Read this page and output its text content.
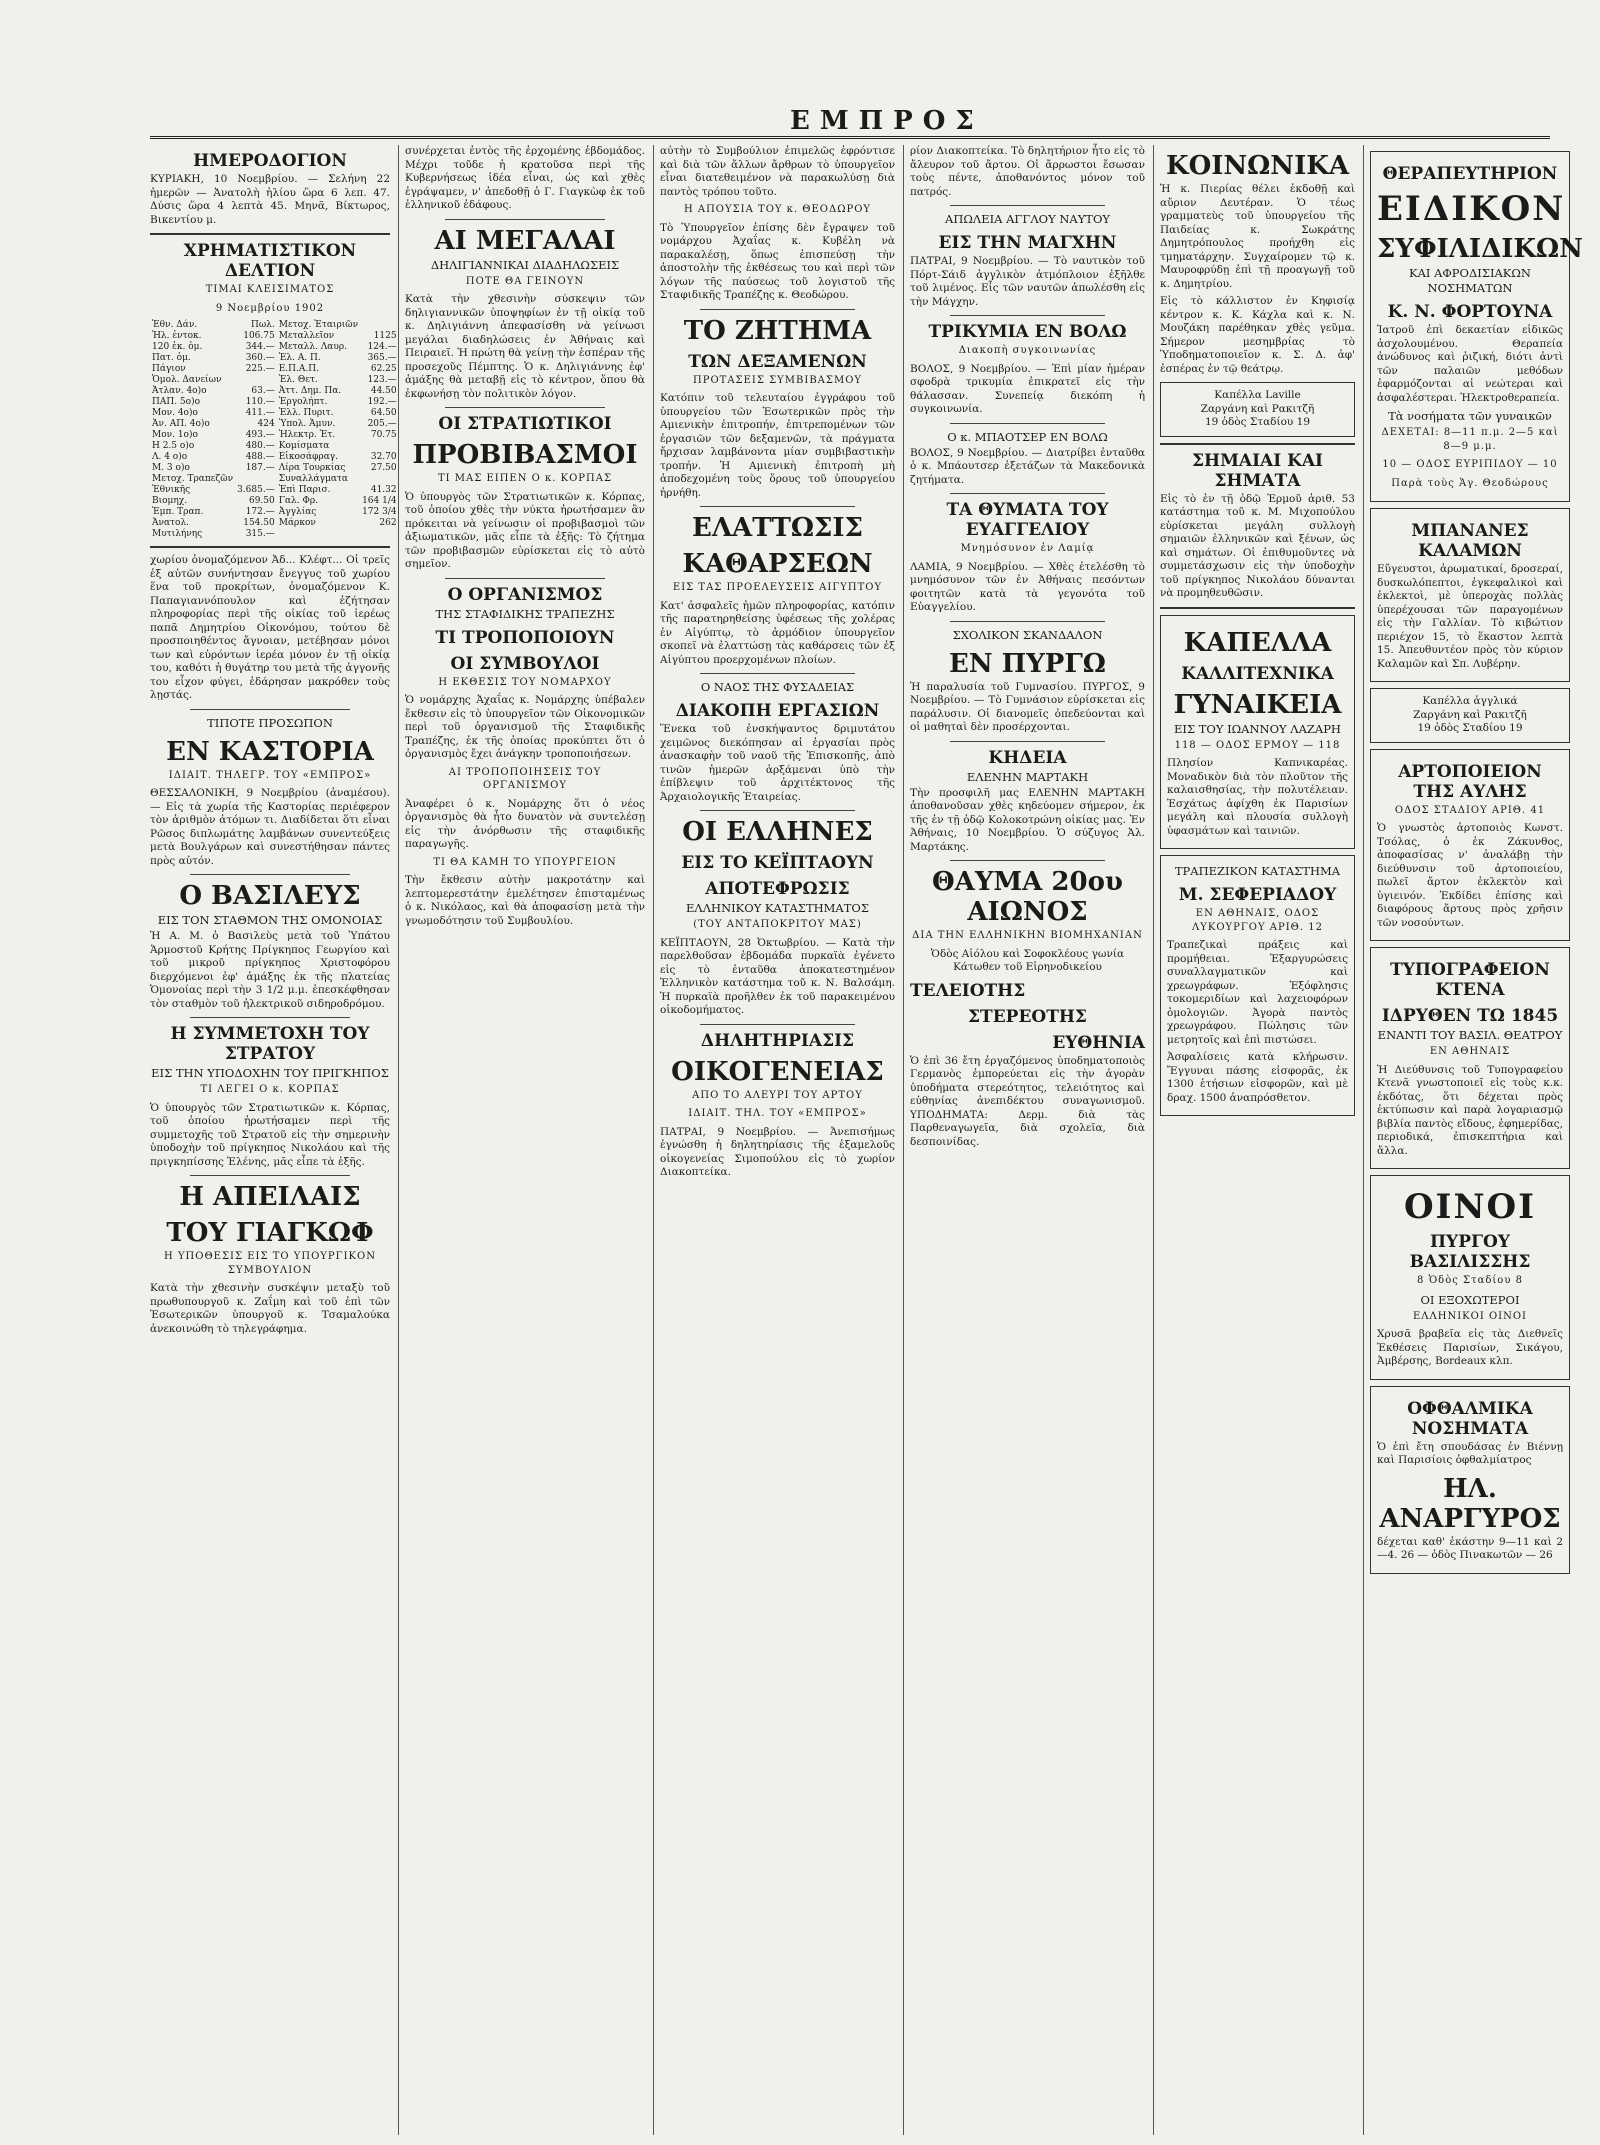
ΕΜΠΡΟΣ
ΗΜΕΡΟΔΟΓΙΟΝ

ΚΥΡΙΑΚΗ, 10 Νοεμβρίου. — Σελήνη 22 ἡμερῶν — Ἀνατολὴ ἡλίου ὥρα 6 λεπ. 47. Δύσις ὥρα 4 λεπτὰ 45. Μηνᾶ, Βίκτωρος, Βικεντίου μ.

ΧΡΗΜΑΤΙΣΤΙΚΟΝ ΔΕΛΤΙΟΝ
ΤΙΜΑΙ ΚΛΕΙΣΙΜΑΤΟΣ
9 Νοεμβρίου 1902
Ἐθν. Δάν.	Πωλ.	Μετοχ. Ἐταιριῶν	
Ἡλ. ἐντοκ.	106.75	Μεταλλεῖον	1125
120 ἐκ. ὁμ.	344.—	Μεταλλ. Λαυρ.	124.—
Πατ. ὁμ.	360.—	Ἐλ. Α. Π.	365.—
Πάγιον	225.—	Ε.Π.Α.Π.	62.25
Ὁμολ. Δανείων		Ἐλ. Θετ.	123.—
Ἀτλαν. 4ο)ο	63.—	Ἀττ. Δημ. Πα.	44.50
ΠΑΠ. 5ο)ο	110.—	Ἐργολήπτ.	192.—
Μον. 4ο)ο	411.—	Ἐλλ. Πυριτ.	64.50
Ἀν. ΑΠ. 4ο)ο	424	Ὑπολ. Ἀμυν.	205.—
Μον. 1ο)ο	493.—	Ἡλεκτρ. Ἐτ.	70.75
Η 2.5 ο)ο	480.—	Κομίσματα	
Λ. 4 ο)ο	488.—	Εἰκοσάφραγ.	32.70
Μ. 3 ο)ο	187.—	Λίρα Τουρκίας	27.50
Μετοχ. Τραπεζῶν		Συναλλάγματα	
Ἐθνικῆς	3.685.—	Ἐπὶ Παρισ.	41.32
Βιομηχ.	69.50	Γαλ. Φρ.	164 1/4
Ἐμπ. Τραπ.	172.—	Ἀγγλίας	172 3/4
Ἀνατολ.	154.50	Μάρκον	262
Μυτιλήνης	315.—		

χωρίου ὀνομαζόμενον Ἀδ... Κλέφτ... Οἱ τρεῖς ἐξ αὐτῶν συνήντησαν ἔνεγγυς τοῦ χωρίου ἕνα τοῦ προκρίτων, ὀνομαζόμενον Κ. Παπαγιαννόπουλον καὶ ἐζήτησαν πληροφορίας περὶ τῆς οἰκίας τοῦ ἱερέως παπᾶ Δημητρίου Οἰκονόμου, τούτου δὲ προσποιηθέντος ἄγνοιαν, μετέβησαν μόνοι των καὶ εὑρόντων ἱερέα μόνον ἐν τῇ οἰκίᾳ του, καθότι ἡ θυγάτηρ του μετὰ τῆς ἀγγονῆς του εἶχον φύγει, ἐδάρησαν μακρόθεν τοὺς λῃστάς.

ΤΙΠΟΤΕ ΠΡΟΣΩΠΟΝ
ΕΝ ΚΑΣΤΟΡΙΑ
ΙΔΙΑΙΤ. ΤΗΛΕΓΡ. ΤΟΥ «ΕΜΠΡΟΣ»

ΘΕΣΣΑΛΟΝΙΚΗ, 9 Νοεμβρίου (ἀναμέσου). — Εἰς τὰ χωρία τῆς Καστορίας περιέφερον τὸν ἀριθμὸν ἀτόμων τι. Διαδίδεται ὅτι εἶναι Ρῶσος διπλωμάτης λαμβάνων συνεντεύξεις μετὰ Βουλγάρων καὶ συνεστήθησαν πάντες πρὸς αὐτόν.

Ο ΒΑΣΙΛΕΥΣ
ΕΙΣ ΤΟΝ ΣΤΑΘΜΟΝ ΤΗΣ ΟΜΟΝΟΙΑΣ

Ἡ Α. Μ. ὁ Βασιλεὺς μετὰ τοῦ Ὑπάτου Ἁρμοστοῦ Κρήτης Πρίγκηπος Γεωργίου καὶ τοῦ μικροῦ πρίγκηπος Χριστοφόρου διερχόμενοι ἐφ' ἁμάξης ἐκ τῆς πλατείας Ὁμονοίας περὶ τὴν 3 1/2 μ.μ. ἐπεσκέφθησαν τὸν σταθμὸν τοῦ ἠλεκτρικοῦ σιδηροδρόμου.

Η ΣΥΜΜΕΤΟΧΗ ΤΟΥ ΣΤΡΑΤΟΥ
ΕΙΣ ΤΗΝ ΥΠΟΔΟΧΗΝ ΤΟΥ ΠΡΙΓΚΗΠΟΣ
ΤΙ ΛΕΓΕΙ Ο κ. ΚΟΡΠΑΣ

Ὁ ὑπουργὸς τῶν Στρατιωτικῶν κ. Κόρπας, τοῦ ὁποίου ἠρωτήσαμεν περὶ τῆς συμμετοχῆς τοῦ Στρατοῦ εἰς τὴν σημερινὴν ὑποδοχὴν τοῦ πρίγκηπος Νικολάου καὶ τῆς πριγκηπίσσης Ἑλένης, μᾶς εἶπε τὰ ἑξῆς.

Η ΑΠΕΙΛΑΙΣ
ΤΟΥ ΓΙΑΓΚΩΦ
Η ΥΠΟΘΕΣΙΣ ΕΙΣ ΤΟ ΥΠΟΥΡΓΙΚΟΝ ΣΥΜΒΟΥΛΙΟΝ

Κατὰ τὴν χθεσινὴν συσκέψιν μεταξὺ τοῦ πρωθυπουργοῦ κ. Ζαΐμη καὶ τοῦ ἐπὶ τῶν Ἐσωτερικῶν ὑπουργοῦ κ. Τσαμαλούκα ἀνεκοινώθη τὸ τηλεγράφημα.

συνέρχεται ἐντὸς τῆς ἐρχομένης ἑβδομάδος. Μέχρι τοῦδε ἡ κρατοῦσα περὶ τῆς Κυβερνήσεως ἰδέα εἶναι, ὡς καὶ χθὲς ἐγράψαμεν, ν' ἀπεδοθῇ ὁ Γ. Γιαγκὼφ ἐκ τοῦ ἑλληνικοῦ ἐδάφους.

ΑΙ ΜΕΓΑΛΑΙ
ΔΗΛΙΓΙΑΝΝΙΚΑΙ ΔΙΑΔΗΛΩΣΕΙΣ
ΠΟΤΕ ΘΑ ΓΕΙΝΟΥΝ

Κατὰ τὴν χθεσινὴν σύσκεψιν τῶν δηλιγιαννικῶν ὑποψηφίων ἐν τῇ οἰκίᾳ τοῦ κ. Δηλιγιάννη ἀπεφασίσθη νὰ γείνωσι μεγάλαι διαδηλώσεις ἐν Ἀθήναις καὶ Πειραιεῖ. Ἡ πρώτη θὰ γείνῃ τὴν ἑσπέραν τῆς προσεχοῦς Πέμπτης. Ὁ κ. Δηλιγιάννης ἐφ' ἁμάξης θὰ μεταβῇ εἰς τὸ κέντρον, ὅπου θὰ ἐκφωνήσῃ τὸν πολιτικὸν λόγον.

ΟΙ ΣΤΡΑΤΙΩΤΙΚΟΙ
ΠΡΟΒΙΒΑΣΜΟΙ
ΤΙ ΜΑΣ ΕΙΠΕΝ Ο κ. ΚΟΡΠΑΣ

Ὁ ὑπουργὸς τῶν Στρατιωτικῶν κ. Κόρπας, τοῦ ὁποίου χθὲς τὴν νύκτα ἠρωτήσαμεν ἂν πρόκειται νὰ γείνωσιν οἱ προβιβασμοὶ τῶν ἀξιωματικῶν, μᾶς εἶπε τὰ ἑξῆς: Τὸ ζήτημα τῶν προβιβασμῶν εὑρίσκεται εἰς τὸ αὐτὸ σημεῖον.

Ο ΟΡΓΑΝΙΣΜΟΣ
ΤΗΣ ΣΤΑΦΙΔΙΚΗΣ ΤΡΑΠΕΖΗΣ
ΤΙ ΤΡΟΠΟΠΟΙΟΥΝ
ΟΙ ΣΥΜΒΟΥΛΟΙ
Η ΕΚΘΕΣΙΣ ΤΟΥ ΝΟΜΑΡΧΟΥ

Ὁ νομάρχης Ἀχαΐας κ. Νομάρχης ὑπέβαλεν ἔκθεσιν εἰς τὸ ὑπουργεῖον τῶν Οἰκονομικῶν περὶ τοῦ ὀργανισμοῦ τῆς Σταφιδικῆς Τραπέζης, ἐκ τῆς ὁποίας προκύπτει ὅτι ὁ ὀργανισμὸς ἔχει ἀνάγκην τροποποιήσεων.

ΑΙ ΤΡΟΠΟΠΟΙΗΣΕΙΣ ΤΟΥ ΟΡΓΑΝΙΣΜΟΥ

Ἀναφέρει ὁ κ. Νομάρχης ὅτι ὁ νέος ὀργανισμὸς θὰ ἦτο δυνατὸν νὰ συντελέσῃ εἰς τὴν ἀνόρθωσιν τῆς σταφιδικῆς παραγωγῆς.

ΤΙ ΘΑ ΚΑΜΗ ΤΟ ΥΠΟΥΡΓΕΙΟΝ

Τὴν ἔκθεσιν αὐτὴν μακροτάτην καὶ λεπτομερεστάτην ἐμελέτησεν ἐπισταμένως ὁ κ. Νικόλαος, καὶ θὰ ἀποφασίσῃ μετὰ τὴν γνωμοδότησιν τοῦ Συμβουλίου.

αὐτὴν τὸ Συμβούλιον ἐπιμελῶς ἐφρόντισε καὶ διὰ τῶν ἄλλων ἄρθρων τὸ ὑπουργεῖον εἶναι διατεθειμένον νὰ παρακωλύσῃ διὰ παντὸς τρόπου τοῦτο.

Η ΑΠΟΥΣΙΑ ΤΟΥ κ. ΘΕΟΔΩΡΟΥ

Τὸ Ὑπουργεῖον ἐπίσης δὲν ἔγραψεν τοῦ νομάρχου Ἀχαΐας κ. Κυβέλη νὰ παρακαλέσῃ, ὅπως ἐπισπεύσῃ τὴν ἀποστολὴν τῆς ἐκθέσεως του καὶ περὶ τῶν λόγων τῆς παύσεως τοῦ λογιστοῦ τῆς Σταφιδικῆς Τραπέζης κ. Θεοδώρου.

ΤΟ ΖΗΤΗΜΑ
ΤΩΝ ΔΕΞΑΜΕΝΩΝ
ΠΡΟΤΑΣΕΙΣ ΣΥΜΒΙΒΑΣΜΟΥ

Κατόπιν τοῦ τελευταίου ἐγγράφου τοῦ ὑπουργείου τῶν Ἐσωτερικῶν πρὸς τὴν Αμιενικὴν ἐπιτροπήν, ἐπιτρεπομένων τῶν ἐργασιῶν τῶν δεξαμενῶν, τὰ πράγματα ἤρχισαν λαμβάνοντα μίαν συμβιβαστικὴν τροπήν. Ἡ Αμιενικὴ ἐπιτροπὴ μὴ ἀποδεχομένη τοὺς ὅρους τοῦ ὑπουργείου ἠρνήθη.

ΕΛΑΤΤΩΣΙΣ
ΚΑΘΑΡΣΕΩΝ
ΕΙΣ ΤΑΣ ΠΡΟΕΛΕΥΣΕΙΣ ΑΙΓΥΠΤΟΥ

Κατ' ἀσφαλεῖς ἡμῶν πληροφορίας, κατόπιν τῆς παρατηρηθείσης ὑφέσεως τῆς χολέρας ἐν Αἰγύπτῳ, τὸ ἁρμόδιον ὑπουργεῖον σκοπεῖ νὰ ἐλαττώσῃ τὰς καθάρσεις τῶν ἐξ Αἰγύπτου προερχομένων πλοίων.

Ο ΝΑΟΣ ΤΗΣ ΦΥΣΑΔΕΙΑΣ
ΔΙΑΚΟΠΗ ΕΡΓΑΣΙΩΝ

Ἕνεκα τοῦ ἐνσκήψαντος δριμυτάτου χειμῶνος διεκόπησαν αἱ ἐργασίαι πρὸς ἀνασκαφὴν τοῦ ναοῦ τῆς Ἐπισκοπῆς, ἀπὸ τινῶν ἡμερῶν ἀρξάμεναι ὑπὸ τὴν ἐπίβλεψιν τοῦ ἀρχιτέκτονος τῆς Ἀρχαιολογικῆς Ἑταιρείας.

ΟΙ ΕΛΛΗΝΕΣ
ΕΙΣ ΤΟ ΚΕΪΠΤΑΟΥΝ
ΑΠΟΤΕΦΡΩΣΙΣ
ΕΛΛΗΝΙΚΟΥ ΚΑΤΑΣΤΗΜΑΤΟΣ
(ΤΟΥ ΑΝΤΑΠΟΚΡΙΤΟΥ ΜΑΣ)

ΚΕΪΠΤΑΟΥΝ, 28 Ὀκτωβρίου. — Κατὰ τὴν παρελθοῦσαν ἑβδομάδα πυρκαϊὰ ἐγένετο εἰς τὸ ἐνταῦθα ἀποκατεστημένον Ἑλληνικὸν κατάστημα τοῦ κ. Ν. Βαλσάμη. Ἡ πυρκαϊὰ προῆλθεν ἐκ τοῦ παρακειμένου οἰκοδομήματος.

ΔΗΛΗΤΗΡΙΑΣΙΣ
ΟΙΚΟΓΕΝΕΙΑΣ
ΑΠΟ ΤΟ ΑΛΕΥΡΙ ΤΟΥ ΑΡΤΟΥ
ΙΔΙΑΙΤ. ΤΗΛ. ΤΟΥ «ΕΜΠΡΟΣ»

ΠΑΤΡΑΙ, 9 Νοεμβρίου. — Ἀνεπισήμως ἐγνώσθη ἡ δηλητηρίασις τῆς ἑξαμελοῦς οἰκογενείας Σιμοπούλου εἰς τὸ χωρίον Διακοπτείκα.

ρίον Διακοπτείκα. Τὸ δηλητήριον ἦτο εἰς τὸ ἄλευρον τοῦ ἄρτου. Οἱ ἄρρωστοι ἔσωσαν τοὺς πέντε, ἀποθανόντος μόνον τοῦ πατρός.

ΑΠΩΛΕΙΑ ΑΓΓΛΟΥ ΝΑΥΤΟΥ
ΕΙΣ ΤΗΝ ΜΑΓΧΗΝ

ΠΑΤΡΑΙ, 9 Νοεμβρίου. — Τὸ ναυτικὸν τοῦ Πόρτ-Σάιδ ἀγγλικὸν ἀτμόπλοιον ἐξῆλθε τοῦ λιμένος. Εἷς τῶν ναυτῶν ἀπωλέσθη εἰς τὴν Μάγχην.

ΤΡΙΚΥΜΙΑ ΕΝ ΒΟΛΩ
Διακοπὴ συγκοινωνίας

ΒΟΛΟΣ, 9 Νοεμβρίου. — Ἐπὶ μίαν ἡμέραν σφοδρὰ τρικυμία ἐπικρατεῖ εἰς τὴν θάλασσαν. Συνεπείᾳ διεκόπη ἡ συγκοινωνία.

Ο κ. ΜΠΑΟΤΣΕΡ ΕΝ ΒΟΛΩ

ΒΟΛΟΣ, 9 Νοεμβρίου. — Διατρίβει ἐνταῦθα ὁ κ. Μπάουτσερ ἐξετάζων τὰ Μακεδονικὰ ζητήματα.

ΤΑ ΘΥΜΑΤΑ ΤΟΥ ΕΥΑΓΓΕΛΙΟΥ
Μνημόσυνον ἐν Λαμίᾳ

ΛΑΜΙΑ, 9 Νοεμβρίου. — Χθὲς ἐτελέσθη τὸ μνημόσυνον τῶν ἐν Ἀθήναις πεσόντων φοιτητῶν κατὰ τὰ γεγονότα τοῦ Εὐαγγελίου.

ΣΧΟΛΙΚΟΝ ΣΚΑΝΔΑΛΟΝ
ΕΝ ΠΥΡΓΩ

Ἡ παραλυσία τοῦ Γυμνασίου. ΠΥΡΓΟΣ, 9 Νοεμβρίου. — Τὸ Γυμνάσιον εὑρίσκεται εἰς παράλυσιν. Οἱ διανομεῖς ὀπεδεύονται καὶ οἱ μαθηταὶ δὲν προσέρχονται.

ΚΗΔΕΙΑ
ΕΛΕΝΗΝ ΜΑΡΤΑΚΗ

Τὴν προσφιλῆ μας ΕΛΕΝΗΝ ΜΑΡΤΑΚΗ ἀποθανοῦσαν χθὲς κηδεύομεν σήμερον, ἐκ τῆς ἐν τῇ ὁδῷ Κολοκοτρώνη οἰκίας μας. Ἐν Ἀθήναις, 10 Νοεμβρίου. Ὁ σύζυγος Ἀλ. Μαρτάκης.

ΘΑΥΜΑ 20ου ΑΙΩΝΟΣ
ΔΙΑ ΤΗΝ ΕΛΛΗΝΙΚΗΝ ΒΙΟΜΗΧΑΝΙΑΝ

Ὁδὸς Αἰόλου καὶ Σοφοκλέους γωνία Κάτωθεν τοῦ Εἰρηνοδικείου

ΤΕΛΕΙΟΤΗΣ
ΣΤΕΡΕΟΤΗΣ
ΕΥΘΗΝΙΑ

Ὁ ἐπὶ 36 ἔτη ἐργαζόμενος ὑποδηματοποιὸς Γερμανὸς ἐμπορεύεται εἰς τὴν ἀγορὰν ὑποδήματα στερεότητος, τελειότητος καὶ εὐθηνίας ἀνεπιδέκτου συναγωνισμοῦ. ΥΠΟΔΗΜΑΤΑ: Δερμ. διὰ τὰς Παρθεναγωγεῖα, διὰ σχολεῖα, διὰ δεσποινίδας.

ΚΟΙΝΩΝΙΚΑ

Ἡ κ. Πιερίας θέλει ἐκδοθῇ καὶ αὔριον Δευτέραν. Ὁ τέως γραμματεὺς τοῦ ὑπουργείου τῆς Παιδείας κ. Σωκράτης Δημητρόπουλος προήχθη εἰς τμηματάρχην. Συγχαίρομεν τῷ κ. Μαυροφρύδῃ ἐπὶ τῇ προαγωγῇ τοῦ κ. Δημητρίου.

Εἰς τὸ κάλλιστον ἐν Κηφισίᾳ κέντρον κ. Κ. Κάχλα καὶ κ. Ν. Μουζάκη παρέθηκαν χθὲς γεῦμα. Σήμερον μεσημβρίας τὸ Ὑποδηματοποιεῖον κ. Σ. Δ. ἀφ' ἐσπέρας ἐν τῷ θεάτρῳ.

Καπέλλα Laville
Ζαργάνη καὶ Ρακιτζῆ
19 ὁδὸς Σταδίου 19
ΣΗΜΑΙΑΙ ΚΑΙ ΣΗΜΑΤΑ

Εἰς τὸ ἐν τῇ ὁδῷ Ἑρμοῦ ἀριθ. 53 κατάστημα τοῦ κ. Μ. Μιχοπούλου εὑρίσκεται μεγάλη συλλογὴ σημαιῶν ἑλληνικῶν καὶ ξένων, ὡς καὶ σημάτων. Οἱ ἐπιθυμοῦντες νὰ συμμετάσχωσιν εἰς τὴν ὑποδοχὴν τοῦ πρίγκηπος Νικολάου δύνανται νὰ προμηθευθῶσιν.

ΚΑΠΕΛΛΑ
ΚΑΛΛΙΤΕΧΝΙΚΑ
ΓΥΝΑΙΚΕΙΑ
ΕΙΣ ΤΟΥ ΙΩΑΝΝΟΥ ΛΑΖΑΡΗ
118 — ΟΔΟΣ ΕΡΜΟΥ — 118

Πλησίον Καπνικαρέας. Μοναδικὸν διὰ τὸν πλοῦτον τῆς καλαισθησίας, τὴν πολυτέλειαν. Ἐσχάτως ἀφίχθη ἐκ Παρισίων μεγάλη καὶ πλουσία συλλογὴ ὑφασμάτων καὶ ταινιῶν.

ΤΡΑΠΕΖΙΚΟΝ ΚΑΤΑΣΤΗΜΑ
Μ. ΣΕΦΕΡΙΑΔΟΥ
ΕΝ ΑΘΗΝΑΙΣ, ΟΔΟΣ ΛΥΚΟΥΡΓΟΥ ΑΡΙΘ. 12

Τραπεζικαὶ πράξεις καὶ προμήθειαι. Ἐξαργυρώσεις συναλλαγματικῶν καὶ χρεωγράφων. Ἐξόφλησις τοκομεριδίων καὶ λαχειοφόρων ὁμολογιῶν. Ἀγορὰ παντὸς χρεωγράφου. Πώλησις τῶν μετρητοῖς καὶ ἐπὶ πιστώσει.

Ἀσφαλίσεις κατὰ κλήρωσιν. Ἔγγυναι πάσης εἰσφορᾶς, ἐκ 1300 ἑτήσιων εἰσφορῶν, καὶ μὲ δραχ. 1500 ἀναπρόσθετον.

ΘΕΡΑΠΕΥΤΗΡΙΟΝ
ΕΙΔΙΚΟΝ
ΣΥΦΙΛΙΔΙΚΩΝ
ΚΑΙ ΑΦΡΟΔΙΣΙΑΚΩΝ ΝΟΣΗΜΑΤΩΝ
Κ. Ν. ΦΟΡΤΟΥΝΑ

Ἰατροῦ ἐπὶ δεκαετίαν εἰδικῶς ἀσχολουμένου. Θεραπεία ἀνώδυνος καὶ ῥιζική, διότι ἀντὶ τῶν παλαιῶν μεθόδων ἐφαρμόζονται αἱ νεώτεραι καὶ ἀσφαλέστεραι. Ἠλεκτροθεραπεία.

Τὰ νοσήματα τῶν γυναικῶν
ΔΕΧΕΤΑΙ: 8—11 π.μ. 2—5 καὶ 8—9 μ.μ.
10 — ΟΔΟΣ ΕΥΡΙΠΙΔΟΥ — 10
Παρὰ τοὺς Ἁγ. Θεοδώρους
ΜΠΑΝΑΝΕΣ ΚΑΛΑΜΩΝ

Εὔγευστοι, ἀρωματικαί, δροσεραί, δυσκωλόπεπτοι, ἐγκεφαλικοὶ καὶ ἐκλεκτοὶ, μὲ ὑπεροχὰς πολλὰς ὑπερέχουσαι τῶν παραγομένων εἰς τὴν Γαλλίαν. Τὸ κιβώτιον περιέχον 15, τὸ ἕκαστον λεπτὰ 15. Ἀπευθυντέον πρὸς τὸν κύριον Καλαμῶν καὶ Σπ. Λυβέρην.

Καπέλλα ἀγγλικά
Ζαργάνη καὶ Ρακιτζῆ
19 ὁδὸς Σταδίου 19
ΑΡΤΟΠΟΙΕΙΟΝ ΤΗΣ ΑΥΛΗΣ
ΟΔΟΣ ΣΤΑΔΙΟΥ ΑΡΙΘ. 41

Ὁ γνωστὸς ἀρτοποιὸς Κωνστ. Τσόλας, ὁ ἐκ Ζάκυνθος, ἀποφασίσας ν' ἀναλάβῃ τὴν διεύθυνσιν τοῦ ἀρτοποιείου, πωλεῖ ἄρτον ἐκλεκτὸν καὶ ὑγιεινόν. Ἐκδίδει ἐπίσης καὶ διαφόρους ἄρτους πρὸς χρῆσιν τῶν νοσούντων.

ΤΥΠΟΓΡΑΦΕΙΟΝ ΚΤΕΝΑ
ΙΔΡΥΘΕΝ ΤΩ 1845
ΕΝΑΝΤΙ ΤΟΥ ΒΑΣΙΛ. ΘΕΑΤΡΟΥ
ΕΝ ΑΘΗΝΑΙΣ

Ἡ Διεύθυνσις τοῦ Τυπογραφείου Κτενᾶ γνωστοποιεῖ εἰς τοὺς κ.κ. ἐκδότας, ὅτι δέχεται πρὸς ἐκτύπωσιν καὶ παρὰ λογαριασμῷ βιβλία παντὸς εἴδους, ἐφημερίδας, περιοδικά, ἐπισκεπτήρια καὶ ἄλλα.

ΟΙΝΟΙ
ΠΥΡΓΟΥ ΒΑΣΙΛΙΣΣΗΣ
8 Ὁδὸς Σταδίου 8
ΟΙ ΕΞΟΧΩΤΕΡΟΙ
ΕΛΛΗΝΙΚΟΙ ΟΙΝΟΙ

Χρυσᾶ βραβεῖα εἰς τὰς Διεθνεῖς Ἐκθέσεις Παρισίων, Σικάγου, Ἀμβέρσης, Bordeaux κλπ.

ΟΦΘΑΛΜΙΚΑ ΝΟΣΗΜΑΤΑ

Ὁ ἐπὶ ἔτη σπουδάσας ἐν Βιέννῃ καὶ Παρισίοις ὀφθαλμίατρος

ΗΛ. ΑΝΑΡΓΥΡΟΣ

δέχεται καθ' ἑκάστην 9—11 καὶ 2—4. 26 — ὁδὸς Πινακωτῶν — 26
